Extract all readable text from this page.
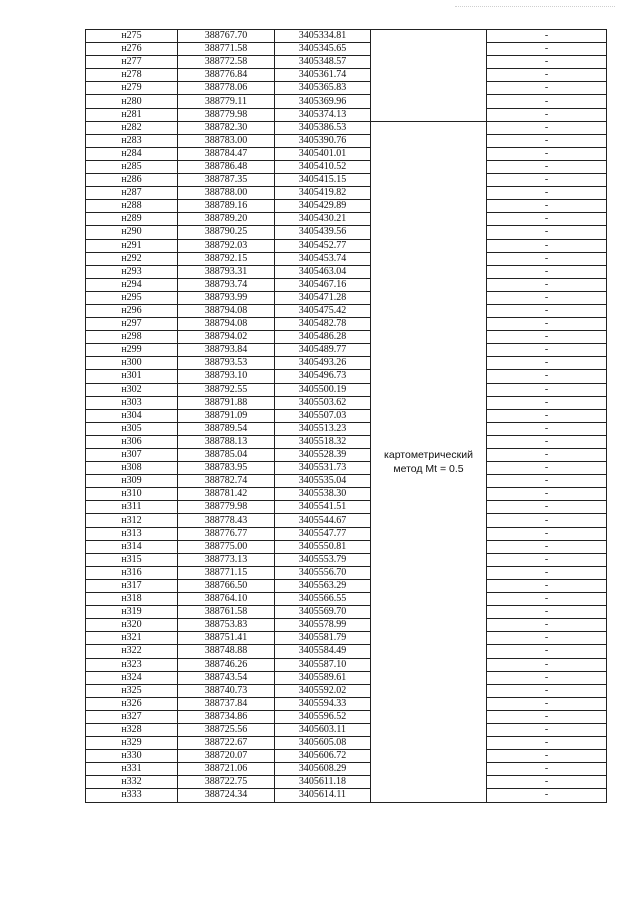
н275	388767.70	3405334.81		-
н276	388771.58	3405345.65		-
н277	388772.58	3405348.57		-
н278	388776.84	3405361.74		-
н279	388778.06	3405365.83		-
н280	388779.11	3405369.96		-
н281	388779.98	3405374.13		-
н282	388782.30	3405386.53	картометрический метод Mt = 0.5	-
н283	388783.00	3405390.76		-
н284	388784.47	3405401.01		-
н285	388786.48	3405410.52		-
н286	388787.35	3405415.15		-
н287	388788.00	3405419.82		-
н288	388789.16	3405429.89		-
н289	388789.20	3405430.21		-
н290	388790.25	3405439.56		-
н291	388792.03	3405452.77		-
н292	388792.15	3405453.74		-
н293	388793.31	3405463.04		-
н294	388793.74	3405467.16		-
н295	388793.99	3405471.28		-
н296	388794.08	3405475.42		-
н297	388794.08	3405482.78		-
н298	388794.02	3405486.28		-
н299	388793.84	3405489.77		-
н300	388793.53	3405493.26		-
н301	388793.10	3405496.73		-
н302	388792.55	3405500.19		-
н303	388791.88	3405503.62		-
н304	388791.09	3405507.03		-
н305	388789.54	3405513.23		-
н306	388788.13	3405518.32		-
н307	388785.04	3405528.39		-
н308	388783.95	3405531.73		-
н309	388782.74	3405535.04		-
н310	388781.42	3405538.30		-
н311	388779.98	3405541.51		-
н312	388778.43	3405544.67		-
н313	388776.77	3405547.77		-
н314	388775.00	3405550.81		-
н315	388773.13	3405553.79		-
н316	388771.15	3405556.70		-
н317	388766.50	3405563.29		-
н318	388764.10	3405566.55		-
н319	388761.58	3405569.70		-
н320	388753.83	3405578.99		-
н321	388751.41	3405581.79		-
н322	388748.88	3405584.49		-
н323	388746.26	3405587.10		-
н324	388743.54	3405589.61		-
н325	388740.73	3405592.02		-
н326	388737.84	3405594.33		-
н327	388734.86	3405596.52		-
н328	388725.56	3405603.11		-
н329	388722.67	3405605.08		-
н330	388720.07	3405606.72		-
н331	388721.06	3405608.29		-
н332	388722.75	3405611.18		-
н333	388724.34	3405614.11		-
